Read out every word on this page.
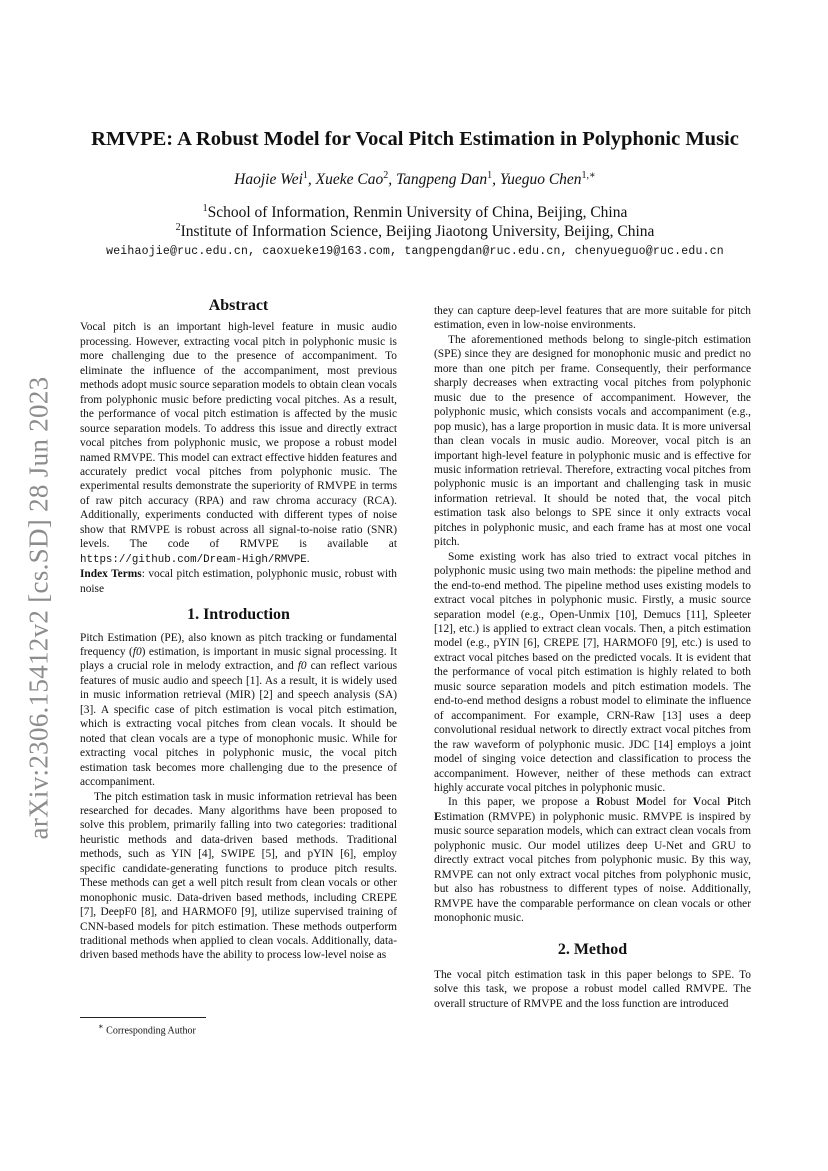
arXiv:2306.15412v2 [cs.SD] 28 Jun 2023
RMVPE: A Robust Model for Vocal Pitch Estimation in Polyphonic Music
Haojie Wei$^1$, Xueke Cao$^2$, Tangpeng Dan$^1$, Yueguo Chen$^{1,∗}$
$^1$School of Information, Renmin University of China, Beijing, China
$^2$Institute of Information Science, Beijing Jiaotong University, Beijing, China
weihaojie@ruc.edu.cn, caoxueke19@163.com, tangpengdan@ruc.edu.cn, chenyueguo@ruc.edu.cn
Abstract

Vocal pitch is an important high-level feature in music audio processing. However, extracting vocal pitch in polyphonic music is more challenging due to the presence of accompaniment. To eliminate the influence of the accompaniment, most previous methods adopt music source separation models to obtain clean vocals from polyphonic music before predicting vocal pitches. As a result, the performance of vocal pitch estimation is affected by the music source separation models. To address this issue and directly extract vocal pitches from polyphonic music, we propose a robust model named RMVPE. This model can extract effective hidden features and accurately predict vocal pitches from polyphonic music. The experimental results demonstrate the superiority of RMVPE in terms of raw pitch accuracy (RPA) and raw chroma accuracy (RCA). Additionally, experiments conducted with different types of noise show that RMVPE is robust across all signal-to-noise ratio (SNR) levels. The code of RMVPE is available at https://github.com/Dream-High/RMVPE.

Index Terms: vocal pitch estimation, polyphonic music, robust with noise

1. Introduction

Pitch Estimation (PE), also known as pitch tracking or fundamental frequency (f0) estimation, is important in music signal processing. It plays a crucial role in melody extraction, and f0 can reflect various features of music audio and speech [1]. As a result, it is widely used in music information retrieval (MIR) [2] and speech analysis (SA) [3]. A specific case of pitch estimation is vocal pitch estimation, which is extracting vocal pitches from clean vocals. It should be noted that clean vocals are a type of monophonic music. While for extracting vocal pitches in polyphonic music, the vocal pitch estimation task becomes more challenging due to the presence of accompaniment.

The pitch estimation task in music information retrieval has been researched for decades. Many algorithms have been proposed to solve this problem, primarily falling into two categories: traditional heuristic methods and data-driven based methods. Traditional methods, such as YIN [4], SWIPE [5], and pYIN [6], employ specific candidate-generating functions to produce pitch results. These methods can get a well pitch result from clean vocals or other monophonic music. Data-driven based methods, including CREPE [7], DeepF0 [8], and HARMOF0 [9], utilize supervised training of CNN-based models for pitch estimation. These methods outperform traditional methods when applied to clean vocals. Additionally, data-driven based methods have the ability to process low-level noise as

∗ Corresponding Author

they can capture deep-level features that are more suitable for pitch estimation, even in low-noise environments.

The aforementioned methods belong to single-pitch estimation (SPE) since they are designed for monophonic music and predict no more than one pitch per frame. Consequently, their performance sharply decreases when extracting vocal pitches from polyphonic music due to the presence of accompaniment. However, the polyphonic music, which consists vocals and accompaniment (e.g., pop music), has a large proportion in music data. It is more universal than clean vocals in music audio. Moreover, vocal pitch is an important high-level feature in polyphonic music and is effective for music information retrieval. Therefore, extracting vocal pitches from polyphonic music is an important and challenging task in music information retrieval. It should be noted that, the vocal pitch estimation task also belongs to SPE since it only extracts vocal pitches in polyphonic music, and each frame has at most one vocal pitch.

Some existing work has also tried to extract vocal pitches in polyphonic music using two main methods: the pipeline method and the end-to-end method. The pipeline method uses existing models to extract vocal pitches in polyphonic music. Firstly, a music source separation model (e.g., Open-Unmix [10], Demucs [11], Spleeter [12], etc.) is applied to extract clean vocals. Then, a pitch estimation model (e.g., pYIN [6], CREPE [7], HARMOF0 [9], etc.) is used to extract vocal pitches based on the predicted vocals. It is evident that the performance of vocal pitch estimation is highly related to both music source separation models and pitch estimation models. The end-to-end method designs a robust model to eliminate the influence of accompaniment. For example, CRN-Raw [13] uses a deep convolutional residual network to directly extract vocal pitches from the raw waveform of polyphonic music. JDC [14] employs a joint model of singing voice detection and classification to process the accompaniment. However, neither of these methods can extract highly accurate vocal pitches in polyphonic music.

In this paper, we propose a Robust Model for Vocal Pitch Estimation (RMVPE) in polyphonic music. RMVPE is inspired by music source separation models, which can extract clean vocals from polyphonic music. Our model utilizes deep U-Net and GRU to directly extract vocal pitches from polyphonic music. By this way, RMVPE can not only extract vocal pitches from polyphonic music, but also has robustness to different types of noise. Additionally, RMVPE have the comparable performance on clean vocals or other monophonic music.

2. Method

The vocal pitch estimation task in this paper belongs to SPE. To solve this task, we propose a robust model called RMVPE. The overall structure of RMVPE and the loss function are introduced
